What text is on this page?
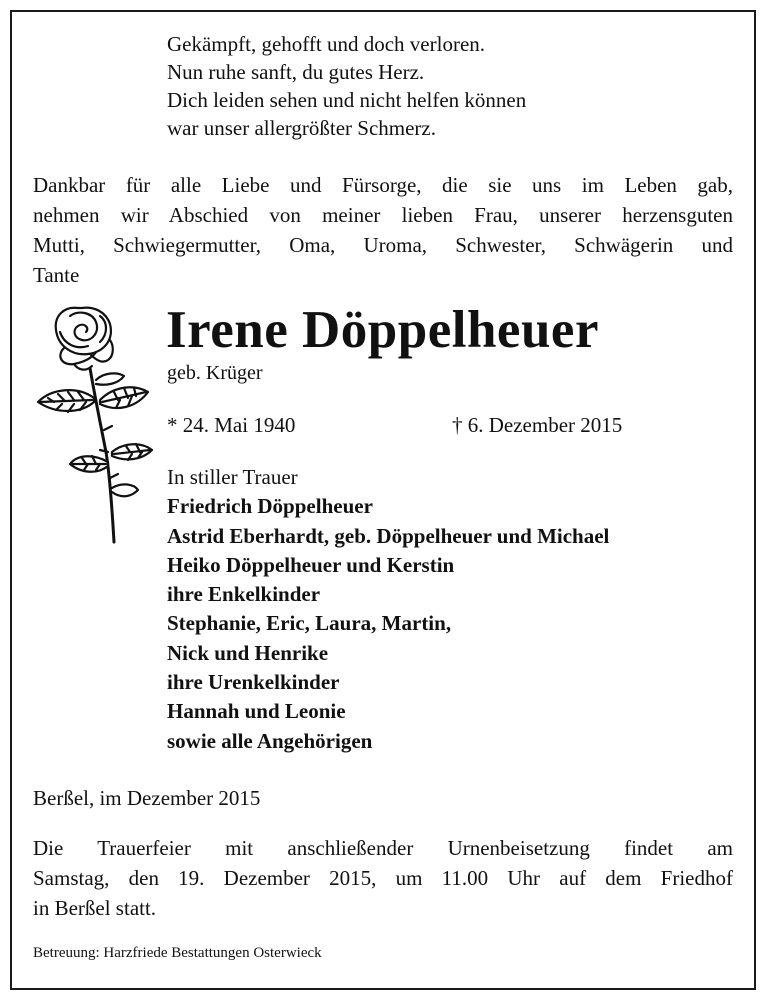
Gekämpft, gehofft und doch verloren.
Nun ruhe sanft, du gutes Herz.
Dich leiden sehen und nicht helfen können
war unser allergrößter Schmerz.
Dankbar für alle Liebe und Fürsorge, die sie uns im Leben gab,
nehmen wir Abschied von meiner lieben Frau, unserer herzensguten
Mutti, Schwiegermutter, Oma, Uroma, Schwester, Schwägerin und
Tante
Irene Döppelheuer
geb. Krüger
* 24. Mai 1940	† 6. Dezember 2015
In stiller Trauer
Friedrich Döppelheuer
Astrid Eberhardt, geb. Döppelheuer und Michael
Heiko Döppelheuer und Kerstin
ihre Enkelkinder
Stephanie, Eric, Laura, Martin,
Nick und Henrike
ihre Urenkelkinder
Hannah und Leonie
sowie alle Angehörigen
Berßel, im Dezember 2015
Die Trauerfeier mit anschließender Urnenbeisetzung findet am
Samstag, den 19. Dezember 2015, um 11.00 Uhr auf dem Friedhof
in Berßel statt.
Betreuung: Harzfriede Bestattungen Osterwieck
